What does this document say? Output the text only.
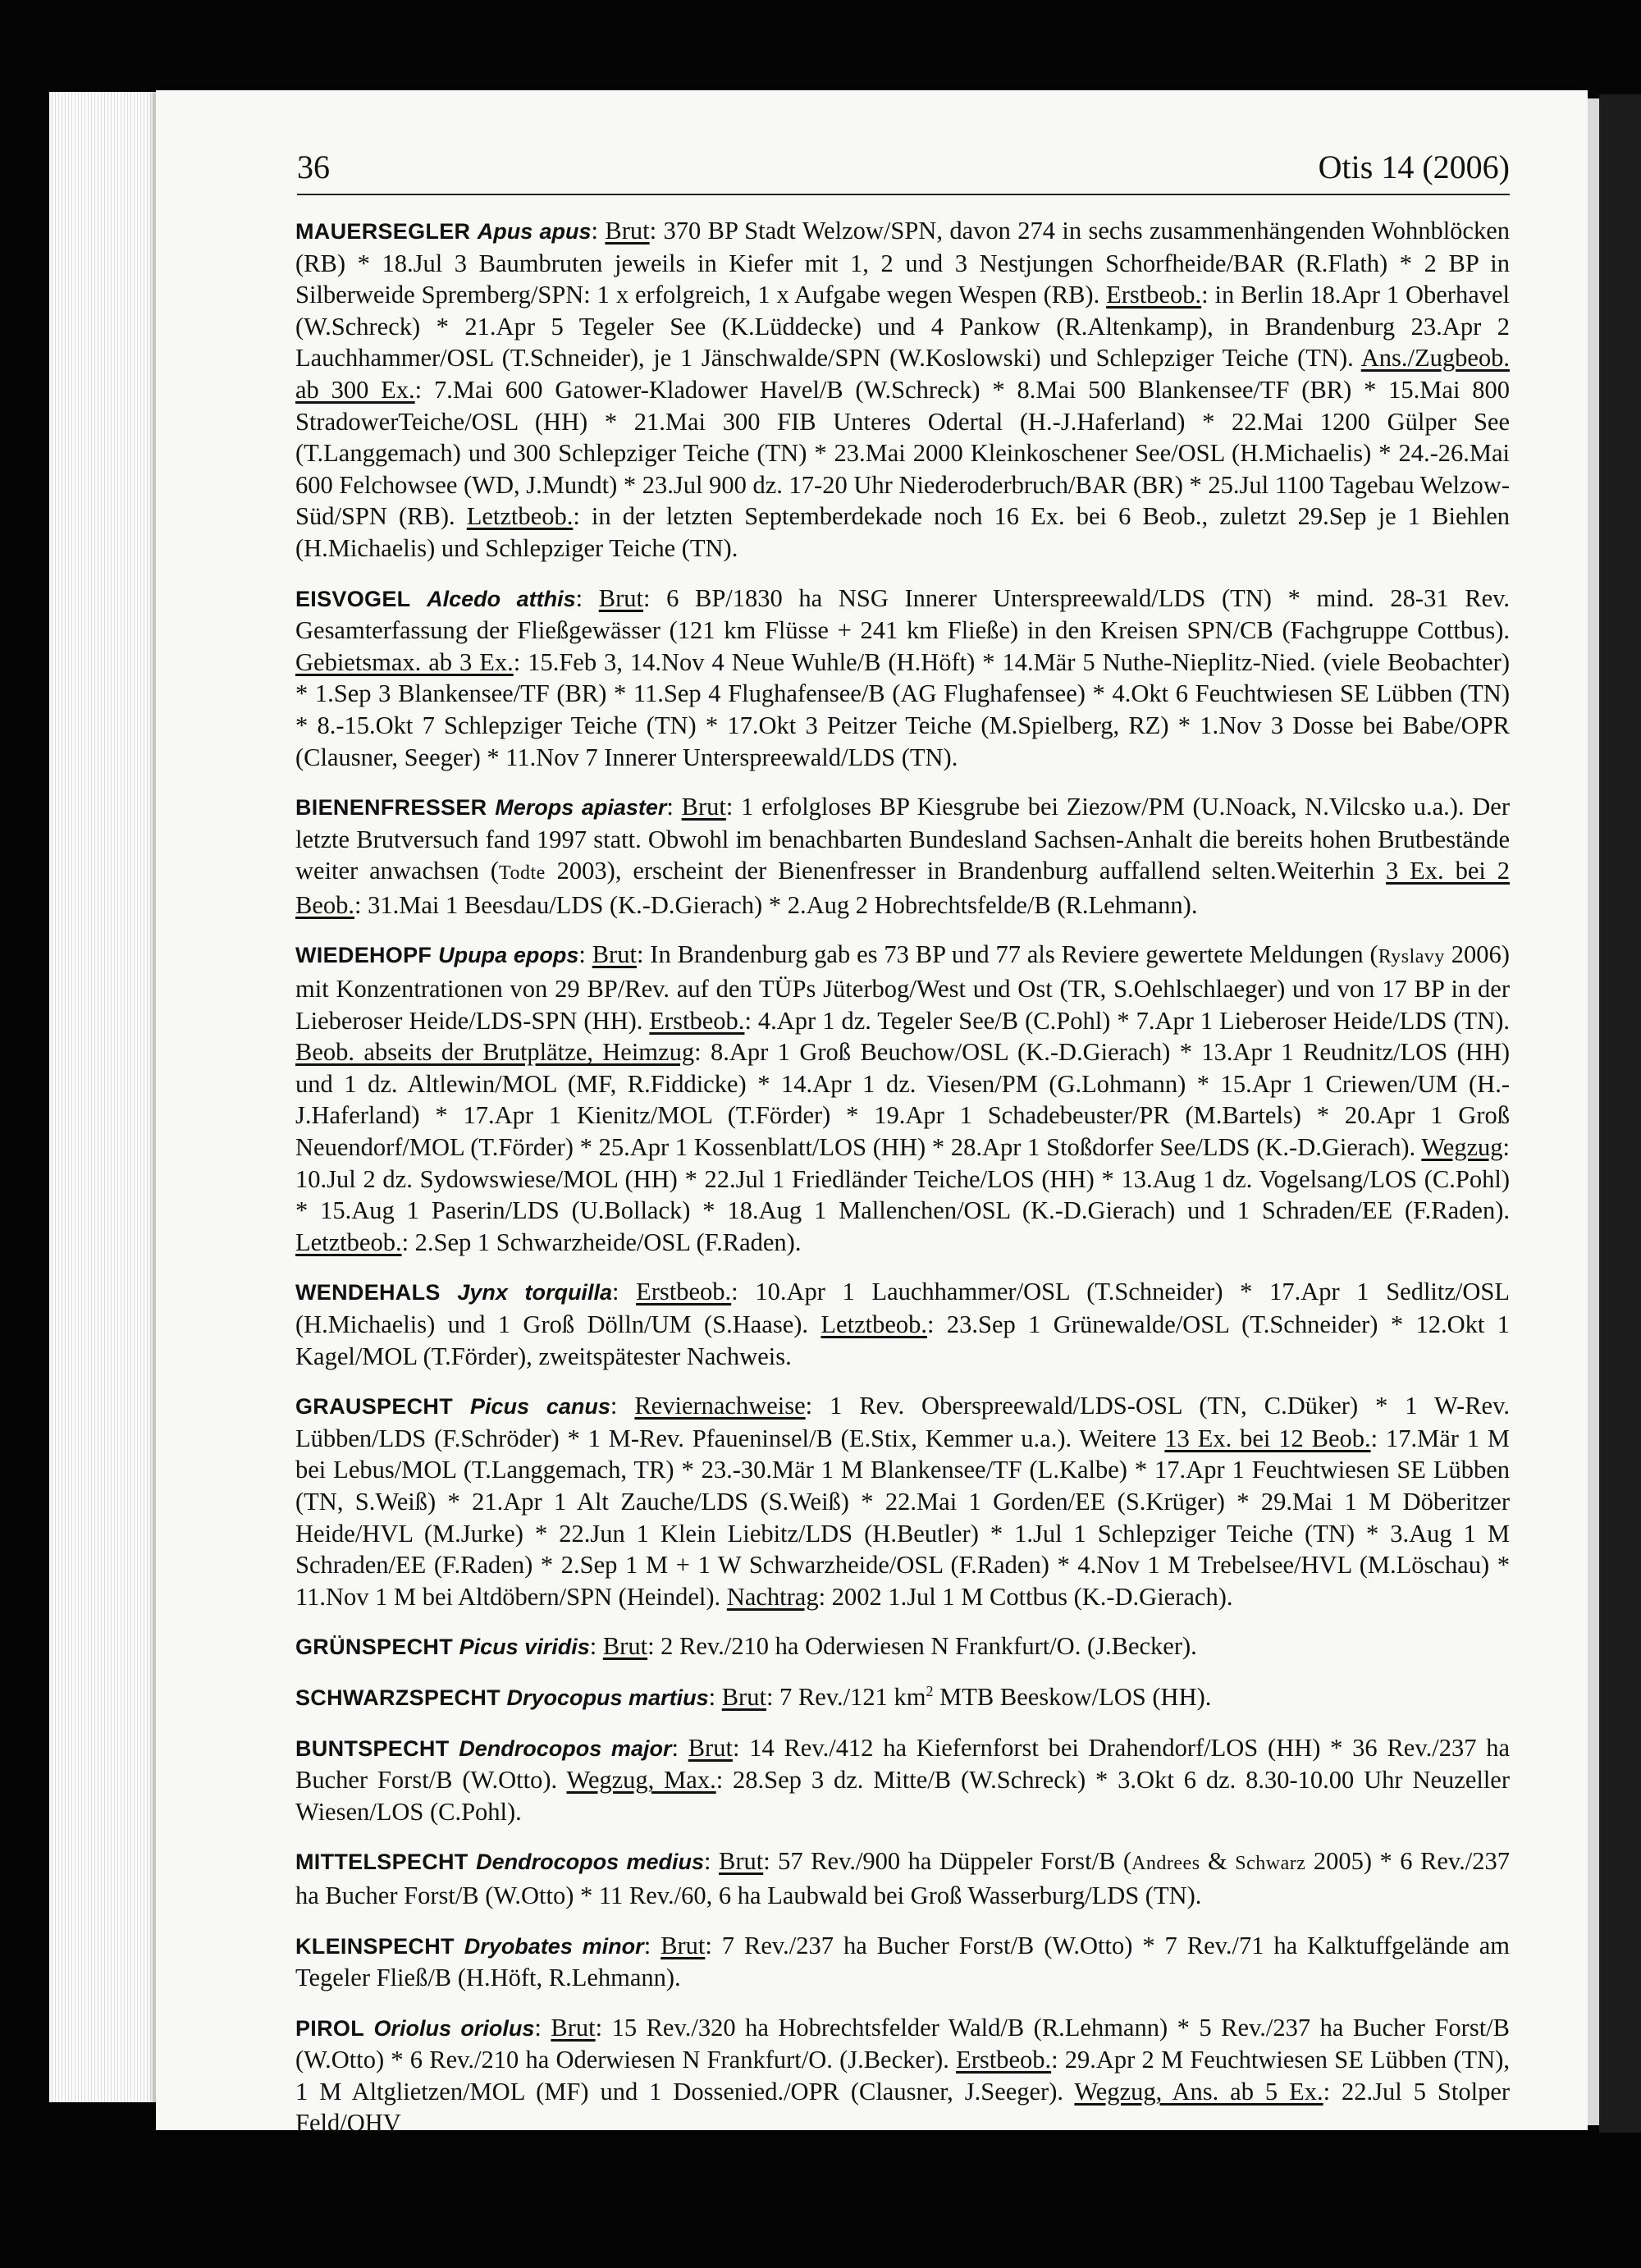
36	Otis 14 (2006)

MAUERSEGLER Apus apus: Brut: 370 BP Stadt Welzow/SPN, davon 274 in sechs zusammenhängenden Wohnblöcken (RB) * 18.Jul 3 Baumbruten jeweils in Kiefer mit 1, 2 und 3 Nestjungen Schorfheide/BAR (R.Flath) * 2 BP in Silberweide Spremberg/SPN: 1 x erfolgreich, 1 x Aufgabe wegen Wespen (RB). Erstbeob.: in Berlin 18.Apr 1 Oberhavel (W.Schreck) * 21.Apr 5 Tegeler See (K.Lüddecke) und 4 Pankow (R.Altenkamp), in Brandenburg 23.Apr 2 Lauchhammer/OSL (T.Schneider), je 1 Jänschwalde/SPN (W.Koslowski) und Schlepziger Teiche (TN). Ans./Zugbeob. ab 300 Ex.: 7.Mai 600 Gatower-Kladower Havel/B (W.Schreck) * 8.Mai 500 Blankensee/TF (BR) * 15.Mai 800 StradowerTeiche/OSL (HH) * 21.Mai 300 FIB Unteres Odertal (H.-J.Haferland) * 22.Mai 1200 Gülper See (T.Langgemach) und 300 Schlepziger Teiche (TN) * 23.Mai 2000 Kleinkoschener See/OSL (H.Michaelis) * 24.-26.Mai 600 Felchowsee (WD, J.Mundt) * 23.Jul 900 dz. 17-20 Uhr Niederoderbruch/BAR (BR) * 25.Jul 1100 Tagebau Welzow-Süd/SPN (RB). Letztbeob.: in der letzten Septemberdekade noch 16 Ex. bei 6 Beob., zuletzt 29.Sep je 1 Biehlen (H.Michaelis) und Schlepziger Teiche (TN).

EISVOGEL Alcedo atthis: Brut: 6 BP/1830 ha NSG Innerer Unterspreewald/LDS (TN) * mind. 28-31 Rev. Gesamterfassung der Fließgewässer (121 km Flüsse + 241 km Fließe) in den Kreisen SPN/CB (Fachgruppe Cottbus). Gebietsmax. ab 3 Ex.: 15.Feb 3, 14.Nov 4 Neue Wuhle/B (H.Höft) * 14.Mär 5 Nuthe-Nieplitz-Nied. (viele Beobachter) * 1.Sep 3 Blankensee/TF (BR) * 11.Sep 4 Flughafensee/B (AG Flughafensee) * 4.Okt 6 Feuchtwiesen SE Lübben (TN) * 8.-15.Okt 7 Schlepziger Teiche (TN) * 17.Okt 3 Peitzer Teiche (M.Spielberg, RZ) * 1.Nov 3 Dosse bei Babe/OPR (Clausner, Seeger) * 11.Nov 7 Innerer Unterspreewald/LDS (TN).

BIENENFRESSER Merops apiaster: Brut: 1 erfolgloses BP Kiesgrube bei Ziezow/PM (U.Noack, N.Vilcsko u.a.). Der letzte Brutversuch fand 1997 statt. Obwohl im benachbarten Bundesland Sachsen-Anhalt die bereits hohen Brutbestände weiter anwachsen (Todte 2003), erscheint der Bienenfresser in Brandenburg auffallend selten.Weiterhin 3 Ex. bei 2 Beob.: 31.Mai 1 Beesdau/LDS (K.-D.Gierach) * 2.Aug 2 Hobrechtsfelde/B (R.Lehmann).

WIEDEHOPF Upupa epops: Brut: In Brandenburg gab es 73 BP und 77 als Reviere gewertete Meldungen (Ryslavy 2006) mit Konzentrationen von 29 BP/Rev. auf den TÜPs Jüterbog/West und Ost (TR, S.Oehlschlaeger) und von 17 BP in der Lieberoser Heide/LDS-SPN (HH). Erstbeob.: 4.Apr 1 dz. Tegeler See/B (C.Pohl) * 7.Apr 1 Lieberoser Heide/LDS (TN). Beob. abseits der Brutplätze, Heimzug: 8.Apr 1 Groß Beuchow/OSL (K.-D.Gierach) * 13.Apr 1 Reudnitz/LOS (HH) und 1 dz. Altlewin/MOL (MF, R.Fiddicke) * 14.Apr 1 dz. Viesen/PM (G.Lohmann) * 15.Apr 1 Criewen/UM (H.-J.Haferland) * 17.Apr 1 Kienitz/MOL (T.Förder) * 19.Apr 1 Schadebeuster/PR (M.Bartels) * 20.Apr 1 Groß Neuendorf/MOL (T.Förder) * 25.Apr 1 Kossenblatt/LOS (HH) * 28.Apr 1 Stoßdorfer See/LDS (K.-D.Gierach). Wegzug: 10.Jul 2 dz. Sydowswiese/MOL (HH) * 22.Jul 1 Friedländer Teiche/LOS (HH) * 13.Aug 1 dz. Vogelsang/LOS (C.Pohl) * 15.Aug 1 Paserin/LDS (U.Bollack) * 18.Aug 1 Mallenchen/OSL (K.-D.Gierach) und 1 Schraden/EE (F.Raden). Letztbeob.: 2.Sep 1 Schwarzheide/OSL (F.Raden).

WENDEHALS Jynx torquilla: Erstbeob.: 10.Apr 1 Lauchhammer/OSL (T.Schneider) * 17.Apr 1 Sedlitz/OSL (H.Michaelis) und 1 Groß Dölln/UM (S.Haase). Letztbeob.: 23.Sep 1 Grünewalde/OSL (T.Schneider) * 12.Okt 1 Kagel/MOL (T.Förder), zweitspätester Nachweis.

GRAUSPECHT Picus canus: Reviernachweise: 1 Rev. Oberspreewald/LDS-OSL (TN, C.Düker) * 1 W-Rev. Lübben/LDS (F.Schröder) * 1 M-Rev. Pfaueninsel/B (E.Stix, Kemmer u.a.). Weitere 13 Ex. bei 12 Beob.: 17.Mär 1 M bei Lebus/MOL (T.Langgemach, TR) * 23.-30.Mär 1 M Blankensee/TF (L.Kalbe) * 17.Apr 1 Feuchtwiesen SE Lübben (TN, S.Weiß) * 21.Apr 1 Alt Zauche/LDS (S.Weiß) * 22.Mai 1 Gorden/EE (S.Krüger) * 29.Mai 1 M Döberitzer Heide/HVL (M.Jurke) * 22.Jun 1 Klein Liebitz/LDS (H.Beutler) * 1.Jul 1 Schlepziger Teiche (TN) * 3.Aug 1 M Schraden/EE (F.Raden) * 2.Sep 1 M + 1 W Schwarzheide/OSL (F.Raden) * 4.Nov 1 M Trebelsee/HVL (M.Löschau) * 11.Nov 1 M bei Altdöbern/SPN (Heindel). Nachtrag: 2002 1.Jul 1 M Cottbus (K.-D.Gierach).

GRÜNSPECHT Picus viridis: Brut: 2 Rev./210 ha Oderwiesen N Frankfurt/O. (J.Becker).

SCHWARZSPECHT Dryocopus martius: Brut: 7 Rev./121 $km^2$ MTB Beeskow/LOS (HH).

BUNTSPECHT Dendrocopos major: Brut: 14 Rev./412 ha Kiefernforst bei Drahendorf/LOS (HH) * 36 Rev./237 ha Bucher Forst/B (W.Otto). Wegzug, Max.: 28.Sep 3 dz. Mitte/B (W.Schreck) * 3.Okt 6 dz. 8.30-10.00 Uhr Neuzeller Wiesen/LOS (C.Pohl).

MITTELSPECHT Dendrocopos medius: Brut: 57 Rev./900 ha Düppeler Forst/B (Andrees & Schwarz 2005) * 6 Rev./237 ha Bucher Forst/B (W.Otto) * 11 Rev./60, 6 ha Laubwald bei Groß Wasserburg/LDS (TN).

KLEINSPECHT Dryobates minor: Brut: 7 Rev./237 ha Bucher Forst/B (W.Otto) * 7 Rev./71 ha Kalktuffgelände am Tegeler Fließ/B (H.Höft, R.Lehmann).

PIROL Oriolus oriolus: Brut: 15 Rev./320 ha Hobrechtsfelder Wald/B (R.Lehmann) * 5 Rev./237 ha Bucher Forst/B (W.Otto) * 6 Rev./210 ha Oderwiesen N Frankfurt/O. (J.Becker). Erstbeob.: 29.Apr 2 M Feuchtwiesen SE Lübben (TN), 1 M Altglietzen/MOL (MF) und 1 Dossenied./OPR (Clausner, J.Seeger). Wegzug, Ans. ab 5 Ex.: 22.Jul 5 Stolper Feld/OHV
